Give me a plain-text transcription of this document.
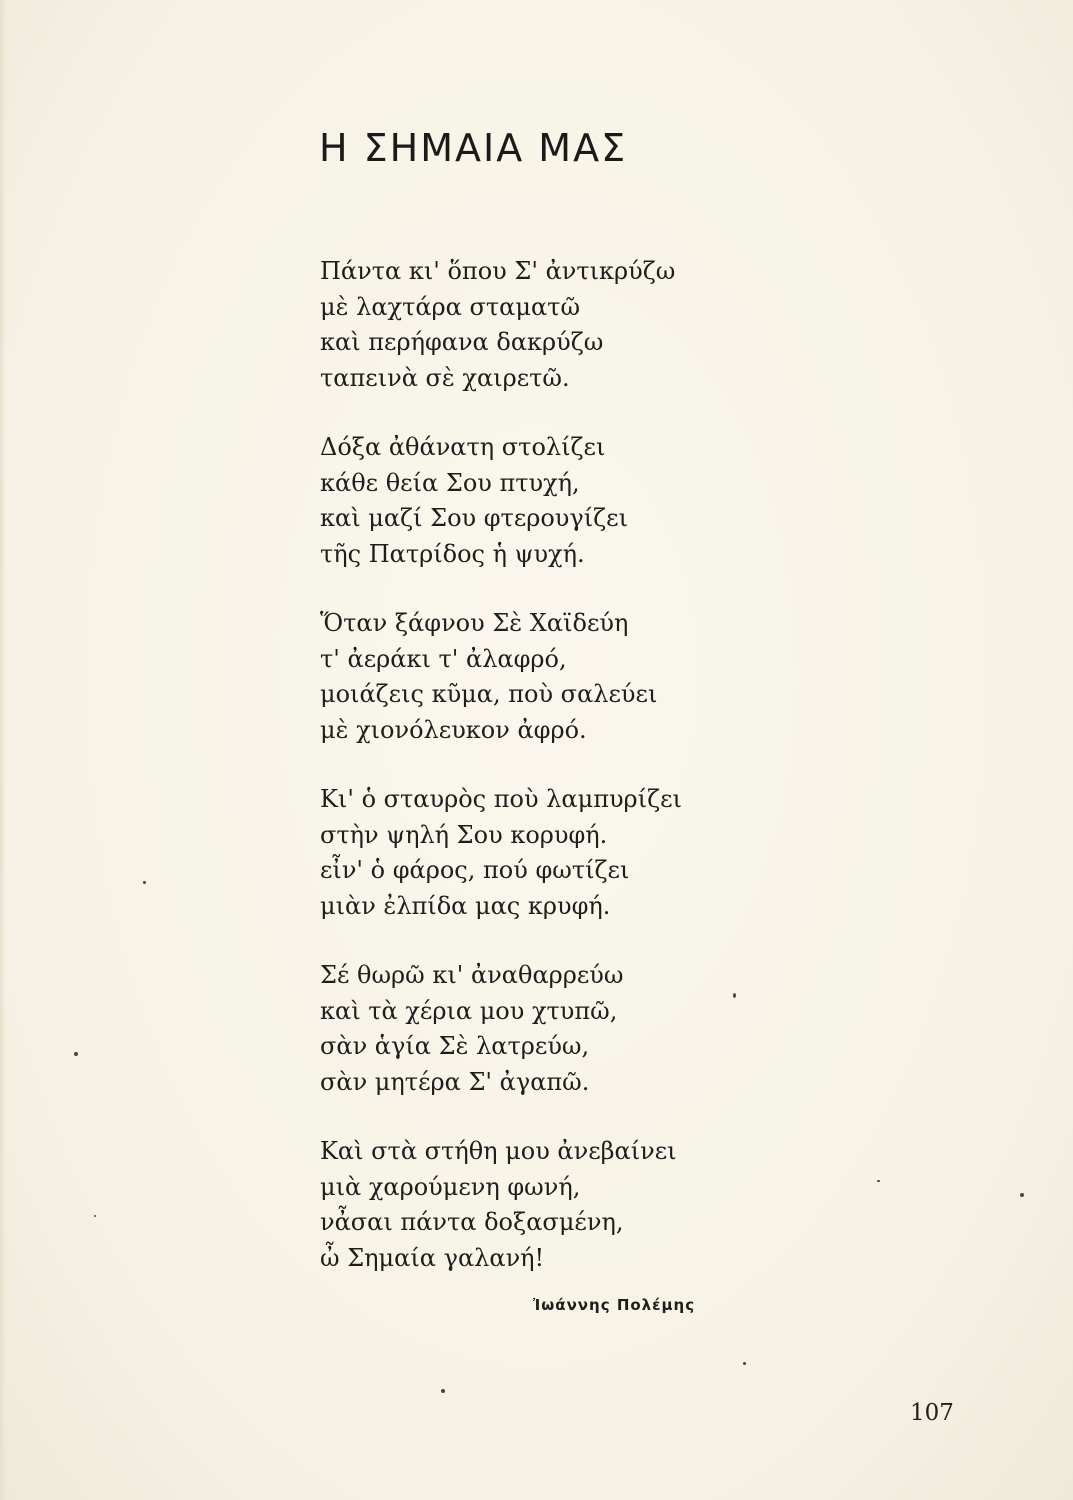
Η ΣΗΜΑΙΑ ΜΑΣ
Πάντα κι' ὅπου Σ' ἀντικρύζω
μὲ λαχτάρα σταματῶ
καὶ περήφανα δακρύζω
ταπεινὰ σὲ χαιρετῶ.
Δόξα ἀθάνατη στολίζει
κάθε θεία Σου πτυχή,
καὶ μαζί Σου φτερουγίζει
τῆς Πατρίδος ἡ ψυχή.
Ὅταν ξάφνου Σὲ Χαϊδεύη
τ' ἀεράκι τ' ἀλαφρό,
μοιάζεις κῦμα, ποὺ σαλεύει
μὲ χιονόλευκον ἀφρό.
Κι' ὁ σταυρὸς ποὺ λαμπυρίζει
στὴν ψηλή Σου κορυφή.
εἶν' ὁ φάρος, πού φωτίζει
μιὰν ἐλπίδα μας κρυφή.
Σέ θωρῶ κι' ἀναθαρρεύω
καὶ τὰ χέρια μου χτυπῶ,
σὰν ἁγία Σὲ λατρεύω,
σὰν μητέρα Σ' ἀγαπῶ.
Καὶ στὰ στήθη μου ἀνεβαίνει
μιὰ χαρούμενη φωνή,
νἆσαι πάντα δοξασμένη,
ὦ Σημαία γαλανή!
Ἰωάννης Πολέμης
107
